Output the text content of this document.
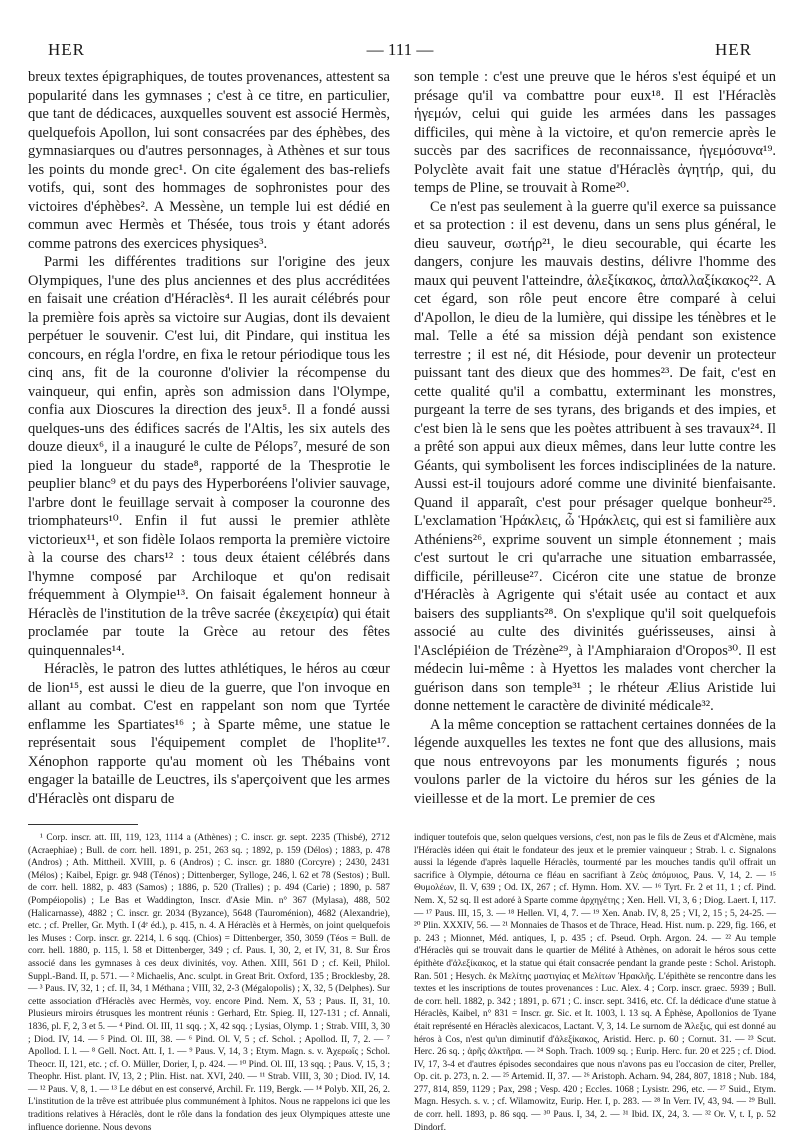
HER	— 111 —	HER

breux textes épigraphiques, de toutes provenances, attestent sa popularité dans les gymnases ; c'est à ce titre, en particulier, que tant de dédicaces, auxquelles souvent est associé Hermès, quelquefois Apollon, lui sont consacrées par des éphèbes, des gymnasiarques ou d'autres personnages, à Athènes et sur tous les points du monde grec¹. On cite également des bas-reliefs votifs, qui, sont des hommages de sophronistes pour des victoires d'éphèbes². A Messène, un temple lui est dédié en commun avec Hermès et Thésée, tous trois y étant adorés comme patrons des exercices physiques³.

Parmi les différentes traditions sur l'origine des jeux Olympiques, l'une des plus anciennes et des plus accréditées en faisait une création d'Héraclès⁴. Il les aurait célébrés pour la première fois après sa victoire sur Augias, dont ils devaient perpétuer le souvenir. C'est lui, dit Pindare, qui institua les concours, en régla l'ordre, en fixa le retour périodique tous les cinq ans, fit de la couronne d'olivier la récompense du vainqueur, qui enfin, après son admission dans l'Olympe, confia aux Dioscures la direction des jeux⁵. Il a fondé aussi quelques-uns des édifices sacrés de l'Altis, les six autels des douze dieux⁶, il a inauguré le culte de Pélops⁷, mesuré de son pied la longueur du stade⁸, rapporté de la Thesprotie le peuplier blanc⁹ et du pays des Hyperboréens l'olivier sauvage, l'arbre dont le feuillage servait à composer la couronne des triomphateurs¹⁰. Enfin il fut aussi le premier athlète victorieux¹¹, et son fidèle Iolaos remporta la première victoire à la course des chars¹² : tous deux étaient célébrés dans l'hymne composé par Archiloque et qu'on redisait fréquemment à Olympie¹³. On faisait également honneur à Héraclès de l'institution de la trêve sacrée (ἐκεχειρία) qui était proclamée par toute la Grèce au retour des fêtes quinquennales¹⁴.

Héraclès, le patron des luttes athlétiques, le héros au cœur de lion¹⁵, est aussi le dieu de la guerre, que l'on invoque en allant au combat. C'est en rappelant son nom que Tyrtée enflamme les Spartiates¹⁶ ; à Sparte même, une statue le représentait sous l'équipement complet de l'hoplite¹⁷. Xénophon rapporte qu'au moment où les Thébains vont engager la bataille de Leuctres, ils s'aperçoivent que les armes d'Héraclès ont disparu de

son temple : c'est une preuve que le héros s'est équipé et un présage qu'il va combattre pour eux¹⁸. Il est l'Héraclès ἡγεμών, celui qui guide les armées dans les passages difficiles, qui mène à la victoire, et qu'on remercie après le succès par des sacrifices de reconnaissance, ἡγεμόσυνα¹⁹. Polyclète avait fait une statue d'Héraclès ἀγητήρ, qui, du temps de Pline, se trouvait à Rome²⁰.

Ce n'est pas seulement à la guerre qu'il exerce sa puissance et sa protection : il est devenu, dans un sens plus général, le dieu sauveur, σωτήρ²¹, le dieu secourable, qui écarte les dangers, conjure les mauvais destins, délivre l'homme des maux qui peuvent l'atteindre, ἀλεξίκακος, ἀπαλλαξίκακος²². A cet égard, son rôle peut encore être comparé à celui d'Apollon, le dieu de la lumière, qui dissipe les ténèbres et le mal. Telle a été sa mission déjà pendant son existence terrestre ; il est né, dit Hésiode, pour devenir un protecteur puissant tant des dieux que des hommes²³. De fait, c'est en cette qualité qu'il a combattu, exterminant les monstres, purgeant la terre de ses tyrans, des brigands et des impies, et c'est bien là le sens que les poètes attribuent à ses travaux²⁴. Il a prêté son appui aux dieux mêmes, dans leur lutte contre les Géants, qui symbolisent les forces indisciplinées de la nature. Aussi est-il toujours adoré comme une divinité bienfaisante. Quand il apparaît, c'est pour présager quelque bonheur²⁵. L'exclamation Ἡράκλεις, ὦ Ἡράκλεις, qui est si familière aux Athéniens²⁶, exprime souvent un simple étonnement ; mais c'est surtout le cri qu'arrache une situation embarrassée, difficile, périlleuse²⁷. Cicéron cite une statue de bronze d'Héraclès à Agrigente qui s'était usée au contact et aux baisers des suppliants²⁸. On s'explique qu'il soit quelquefois associé au culte des divinités guérisseuses, ainsi à l'Asclépiéion de Trézène²⁹, à l'Amphiaraion d'Oropos³⁰. Il est médecin lui-même : à Hyettos les malades vont chercher la guérison dans son temple³¹ ; le rhéteur Ælius Aristide lui donne nettement le caractère de divinité médicale³².

A la même conception se rattachent certaines données de la légende auxquelles les textes ne font que des allusions, mais que nous entrevoyons par les monuments figurés ; nous voulons parler de la victoire du héros sur les génies de la vieillesse et de la mort. Le premier de ces

¹ Corp. inscr. att. III, 119, 123, 1114 a (Athènes) ; C. inscr. gr. sept. 2235 (Thisbé), 2712 (Acraephiae) ; Bull. de corr. hell. 1891, p. 251, 263 sq. ; 1892, p. 159 (Délos) ; 1883, p. 478 (Andros) ; Ath. Mittheil. XVIII, p. 6 (Andros) ; C. inscr. gr. 1880 (Corcyre) ; 2430, 2431 (Mélos) ; Kaibel, Epigr. gr. 948 (Ténos) ; Dittenberger, Sylloge, 246, l. 62 et 78 (Sestos) ; Bull. de corr. hell. 1882, p. 483 (Samos) ; 1886, p. 520 (Tralles) ; p. 494 (Carie) ; 1890, p. 587 (Pompéiopolis) ; Le Bas et Waddington, Inscr. d'Asie Min. n° 367 (Mylasa), 488, 502 (Halicarnasse), 4882 ; C. inscr. gr. 2034 (Byzance), 5648 (Tauroménion), 4682 (Alexandrie), etc. ; cf. Preller, Gr. Myth. I (4ᵉ éd.), p. 415, n. 4. A Héraclès et à Hermès, on joint quelquefois les Muses : Corp. inscr. gr. 2214, l. 6 sqq. (Chios) = Dittenberger, 350, 3059 (Téos = Bull. de corr. hell. 1880, p. 115, l. 58 et Dittenberger, 349 ; cf. Paus. I, 30, 2, et IV, 31, 8. Sur Éros associé dans les gymnases à ces deux divinités, voy. Athen. XIII, 561 D ; cf. Keil, Philol. Suppl.-Band. II, p. 571. — ² Michaelis, Anc. sculpt. in Great Brit. Oxford, 135 ; Brocklesby, 28. — ³ Paus. IV, 32, 1 ; cf. II, 34, 1 Méthana ; VIII, 32, 2-3 (Mégalopolis) ; X, 32, 5 (Delphes). Sur cette association d'Héraclès avec Hermès, voy. encore Pind. Nem. X, 53 ; Paus. II, 31, 10. Plusieurs miroirs étrusques les montrent réunis : Gerhard, Etr. Spieg. II, 127-131 ; cf. Annali, 1836, pl. F, 2, 3 et 5. — ⁴ Pind. Ol. III, 11 sqq. ; X, 42 sqq. ; Lysias, Olymp. 1 ; Strab. VIII, 3, 30 ; Diod. IV, 14. — ⁵ Pind. Ol. III, 38. — ⁶ Pind. Ol. V, 5 ; cf. Schol. ; Apollod. II, 7, 2. — ⁷ Apollod. I. l. — ⁸ Gell. Noct. Att. I, 1. — ⁹ Paus. V, 14, 3 ; Etym. Magn. s. v. Ἀχερωΐς ; Schol. Theocr. II, 121, etc. ; cf. O. Müller, Dorier, I, p. 424. — ¹⁰ Pind. Ol. III, 13 sqq. ; Paus. V, 15, 3 ; Theophr. Hist. plant. IV, 13, 2 ; Plin. Hist. nat. XVI, 240. — ¹¹ Strab. VIII, 3, 30 ; Diod. IV, 14. — ¹² Paus. V, 8, 1. — ¹³ Le début en est conservé, Archil. Fr. 119, Bergk. — ¹⁴ Polyb. XII, 26, 2. L'institution de la trêve est attribuée plus communément à Iphitos. Nous ne rappelons ici que les traditions relatives à Héraclès, dont le rôle dans la fondation des jeux Olympiques atteste une influence dorienne. Nous devons

indiquer toutefois que, selon quelques versions, c'est, non pas le fils de Zeus et d'Alcmène, mais l'Héraclès idéen qui était le fondateur des jeux et le premier vainqueur ; Strab. l. c. Signalons aussi la légende d'après laquelle Héraclès, tourmenté par les mouches tandis qu'il offrait un sacrifice à Olympie, détourna ce fléau en sacrifiant à Ζεὺς ἀπόμυιος, Paus. V, 14, 2. — ¹⁵ Θυμολέων, Il. V, 639 ; Od. IX, 267 ; cf. Hymn. Hom. XV. — ¹⁶ Tyrt. Fr. 2 et 11, 1 ; cf. Pind. Nem. X, 52 sq. Il est adoré à Sparte comme ἀρχηγέτης ; Xen. Hell. VI, 3, 6 ; Diog. Laert. I, 117. — ¹⁷ Paus. III, 15, 3. — ¹⁸ Hellen. VI, 4, 7. — ¹⁹ Xen. Anab. IV, 8, 25 ; VI, 2, 15 ; 5, 24-25. — ²⁰ Plin. XXXIV, 56. — ²¹ Monnaies de Thasos et de Thrace, Head. Hist. num. p. 229, fig. 166, et p. 243 ; Mionnet, Méd. antiques, I, p. 435 ; cf. Pseud. Orph. Argon. 24. — ²² Au temple d'Héraclès qui se trouvait dans le quartier de Mélité à Athènes, on adorait le héros sous cette épithète d'ἀλεξίκακος, et la statue qui était consacrée pendant la grande peste : Schol. Aristoph. Ran. 501 ; Hesych. ἐκ Μελίτης μαστιγίας et Μελίτων Ἡρακλῆς. L'épithète se rencontre dans les textes et les inscriptions de toutes provenances : Luc. Alex. 4 ; Corp. inscr. graec. 5939 ; Bull. de corr. hell. 1882, p. 342 ; 1891, p. 671 ; C. inscr. sept. 3416, etc. Cf. la dédicace d'une statue à Héraclès, Kaibel, n° 831 = Inscr. gr. Sic. et It. 1003, l. 13 sq. A Éphèse, Apollonios de Tyane était représenté en Héraclès alexicacos, Lactant. V, 3, 14. Le surnom de Ἀλεξις, qui est donné au héros à Cos, n'est qu'un diminutif d'ἀλεξίκακος, Aristid. Herc. p. 60 ; Cornut. 31. — ²³ Scut. Herc. 26 sq. ; ἀρῆς ἀλκτῆρα. — ²⁴ Soph. Trach. 1009 sq. ; Eurip. Herc. fur. 20 et 225 ; cf. Diod. IV, 17, 3-4 et d'autres épisodes secondaires que nous n'avons pas eu l'occasion de citer, Preller, Op. cit. p. 273, n. 2. — ²⁵ Artemid. II, 37. — ²⁶ Aristoph. Acharn. 94, 284, 807, 1818 ; Nub. 184, 277, 814, 859, 1129 ; Pax, 298 ; Vesp. 420 ; Eccles. 1068 ; Lysistr. 296, etc. — ²⁷ Suid., Etym. Magn. Hesych. s. v. ; cf. Wilamowitz, Eurip. Her. I, p. 283. — ²⁸ In Verr. IV, 43, 94. — ²⁹ Bull. de corr. hell. 1893, p. 86 sqq. — ³⁰ Paus. I, 34, 2. — ³¹ Ibid. IX, 24, 3. — ³² Or. V, t. I, p. 52 Dindorf.
